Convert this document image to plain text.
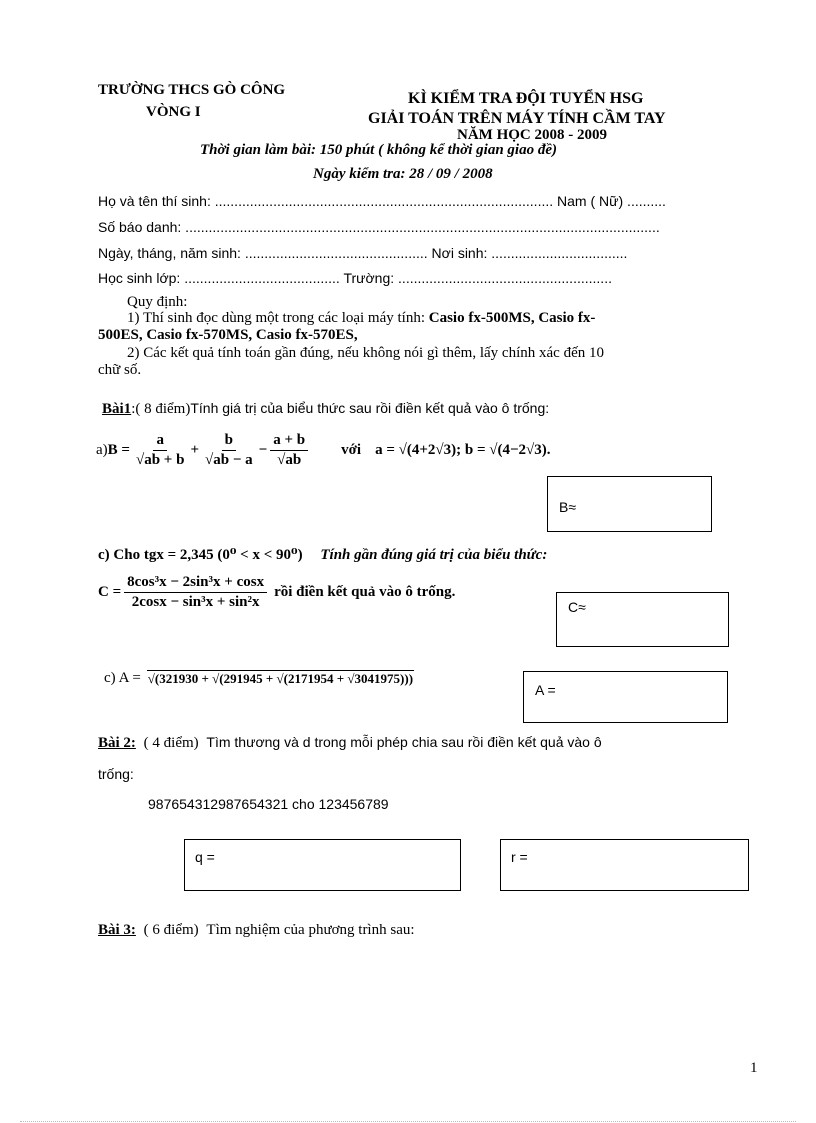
TRƯỜNG THCS GÒ CÔNG
VÒNG I
KÌ KIỂM TRA ĐỘI TUYỂN HSG
GIẢI TOÁN TRÊN MÁY TÍNH CẦM TAY
NĂM HỌC 2008 - 2009
Thời gian làm bài: 150 phút ( không kể thời gian giao đề)
Ngày kiểm tra: 28 / 09 / 2008
Họ và tên thí sinh: ....................................................................................... Nam ( Nữ) ..........
Số báo danh: ..........................................................................................................................
Ngày, tháng, năm sinh: ............................................... Nơi sinh: ...................................
Học sinh lớp: ........................................ Trường: .......................................................
Quy định:
1) Thí sinh đọc dùng một trong các loại máy tính: Casio fx-500MS, Casio fx-
500ES, Casio fx-570MS, Casio fx-570ES,
2) Các kết quả tính toán gần đúng, nếu không nói gì thêm, lấy chính xác đến 10
chữ số.
Bài1:( 8 điểm)Tính giá trị của biểu thức sau rồi điền kết quả vào ô trống:
a) $B = \frac{a}{√ab + b} + \frac{b}{√ab - a} - \frac{a + b}{√ab}$ với a = √(4+2√3); b = √(4−2√3).
B≈
c) Cho tgx = 2,345 (0⁰ < x < 90⁰) Tính gần đúng giá trị của biểu thức:
$C = \frac{\text{8cos³x − 2sin³x + cosx}}{\text{2cosx − sin³x + sin²x}}$ rồi điền kết quả vào ô trống.
C≈
c) A = √(321930 + √(291945 + √(2171954 + √3041975)))
A =
Bài 2: ( 4 điểm) Tìm thương và d trong mỗi phép chia sau rồi điền kết quả vào ô
trống:
987654312987654321 cho 123456789
q =	r =
Bài 3: ( 6 điểm) Tìm nghiệm của phương trình sau:
1
